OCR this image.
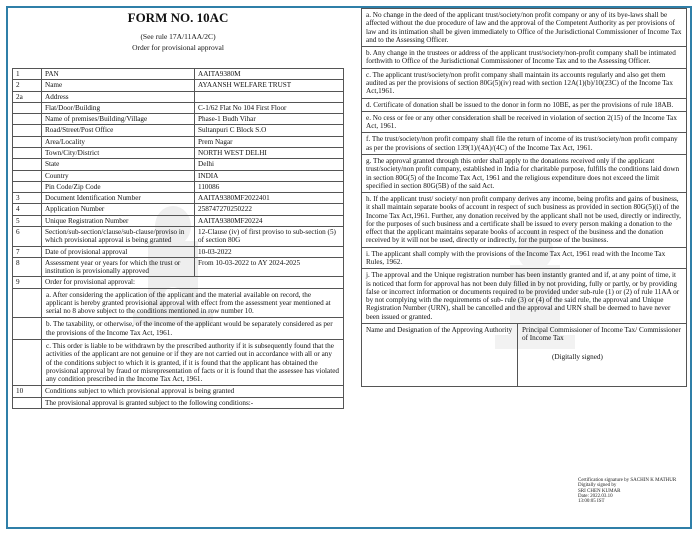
FORM NO. 10AC
(See rule 17A/11AA/2C)
Order for provisional approval
1	PAN	AAITA9380M
2	Name	AYAANSH WELFARE TRUST
2a	Address	
	Flat/Door/Building	C-1/62 Flat No 104 First Floor
	Name of premises/Building/Village	Phase-1 Budh Vihar
	Road/Street/Post Office	Sultanpuri C Block S.O
	Area/Locality	Prem Nagar
	Town/City/District	NORTH WEST DELHI
	State	Delhi
	Country	INDIA
	Pin Code/Zip Code	110086
3	Document Identification Number	AAITA9380MF2022401
4	Application Number	258747270250222
5	Unique Registration Number	AAITA9380MF20224
6	Section/sub-section/clause/sub-clause/proviso in which provisional approval is being granted	12-Clause (iv) of first proviso to sub-section (5) of section 80G
7	Date of provisional approval	10-03-2022
8	Assessment year or years for which the trust or institution is provisionally approved	From 10-03-2022 to AY 2024-2025
9	Order for provisional approval:	
	a. After considering the application of the applicant and the material available on record, the applicant is hereby granted provisional approval with effect from the assessment year mentioned at serial no 8 above subject to the conditions mentioned in row number 10.	
	b. The taxability, or otherwise, of the income of the applicant would be separately considered as per the provisions of the Income Tax Act, 1961.	
	c. This order is liable to be withdrawn by the prescribed authority if it is subsequently found that the activities of the applicant are not genuine or if they are not carried out in accordance with all or any of the conditions subject to which it is granted, if it is found that the applicant has obtained the provisional approval by fraud or misrepresentation of facts or it is found that the assessee has violated any condition prescribed in the Income Tax Act, 1961.	
10	Conditions subject to which provisional approval is being granted	
	The provisional approval is granted subject to the following conditions:-	
a. No change in the deed of the applicant trust/society/non profit company or any of its bye-laws shall be affected without the due procedure of law and the approval of the Competent Authority as per provisions of law and its intimation shall be given immediately to Office of the Jurisdictional Commissioner of Income Tax and to the Assessing Officer.
b. Any change in the trustees or address of the applicant trust/society/non-profit company shall be intimated forthwith to Office of the Jurisdictional Commissioner of Income Tax and to the Assessing Officer.
c. The applicant trust/society/non profit company shall maintain its accounts regularly and also get them audited as per the provisions of section 80G(5)(iv) read with section 12A(1)(b)/10(23C) of the Income Tax Act,1961.
d. Certificate of donation shall be issued to the donor in form no 10BE, as per the provisions of rule 18AB.
e. No cess or fee or any other consideration shall be received in violation of section 2(15) of the Income Tax Act, 1961.
f. The trust/society/non profit company shall file the return of income of its trust/society/non profit company as per the provisions of section 139(1)/(4A)/(4C) of the Income Tax Act, 1961.
g. The approval granted through this order shall apply to the donations received only if the applicant trust/society/non profit company, established in India for charitable purpose, fulfills the conditions laid down in section 80G(5) of the Income Tax Act, 1961 and the religious expenditure does not exceed the limit specified in section 80G(5B) of the said Act.
h. If the applicant trust/ society/ non profit company derives any income, being profits and gains of business, it shall maintain separate books of account in respect of such business as provided in section 80G(5)(i) of the Income Tax Act,1961. Further, any donation received by the applicant shall not be used, directly or indirectly, for the purposes of such business and a certificate shall be issued to every person making a donation to the effect that the applicant maintains separate books of account in respect of the business and the donation received by it will not be used, directly or indirectly, for the purpose of the business.
i. The applicant shall comply with the provisions of the Income Tax Act, 1961 read with the Income Tax Rules, 1962.
j. The approval and the Unique registration number has been instantly granted and if, at any point of time, it is noticed that form for approval has not been duly filled in by not providing, fully or partly, or by providing false or incorrect information or documents required to be provided under sub-rule (1) or (2) of rule 11AA or by not complying with the requirements of sub- rule (3) or (4) of the said rule, the approval and Unique Registration Number (URN), shall be cancelled and the approval and URN shall be deemed to have never been issued or granted.
Name and Designation of the Approving Authority	Principal Commissioner of Income Tax/ Commissioner of Income Tax
(Digitally signed)
Certification signature by SACHIN K MATHUR
Digitally signed by
SRI CHEN KUMAR
Date: 2022.03.10
13:00:05 IST
